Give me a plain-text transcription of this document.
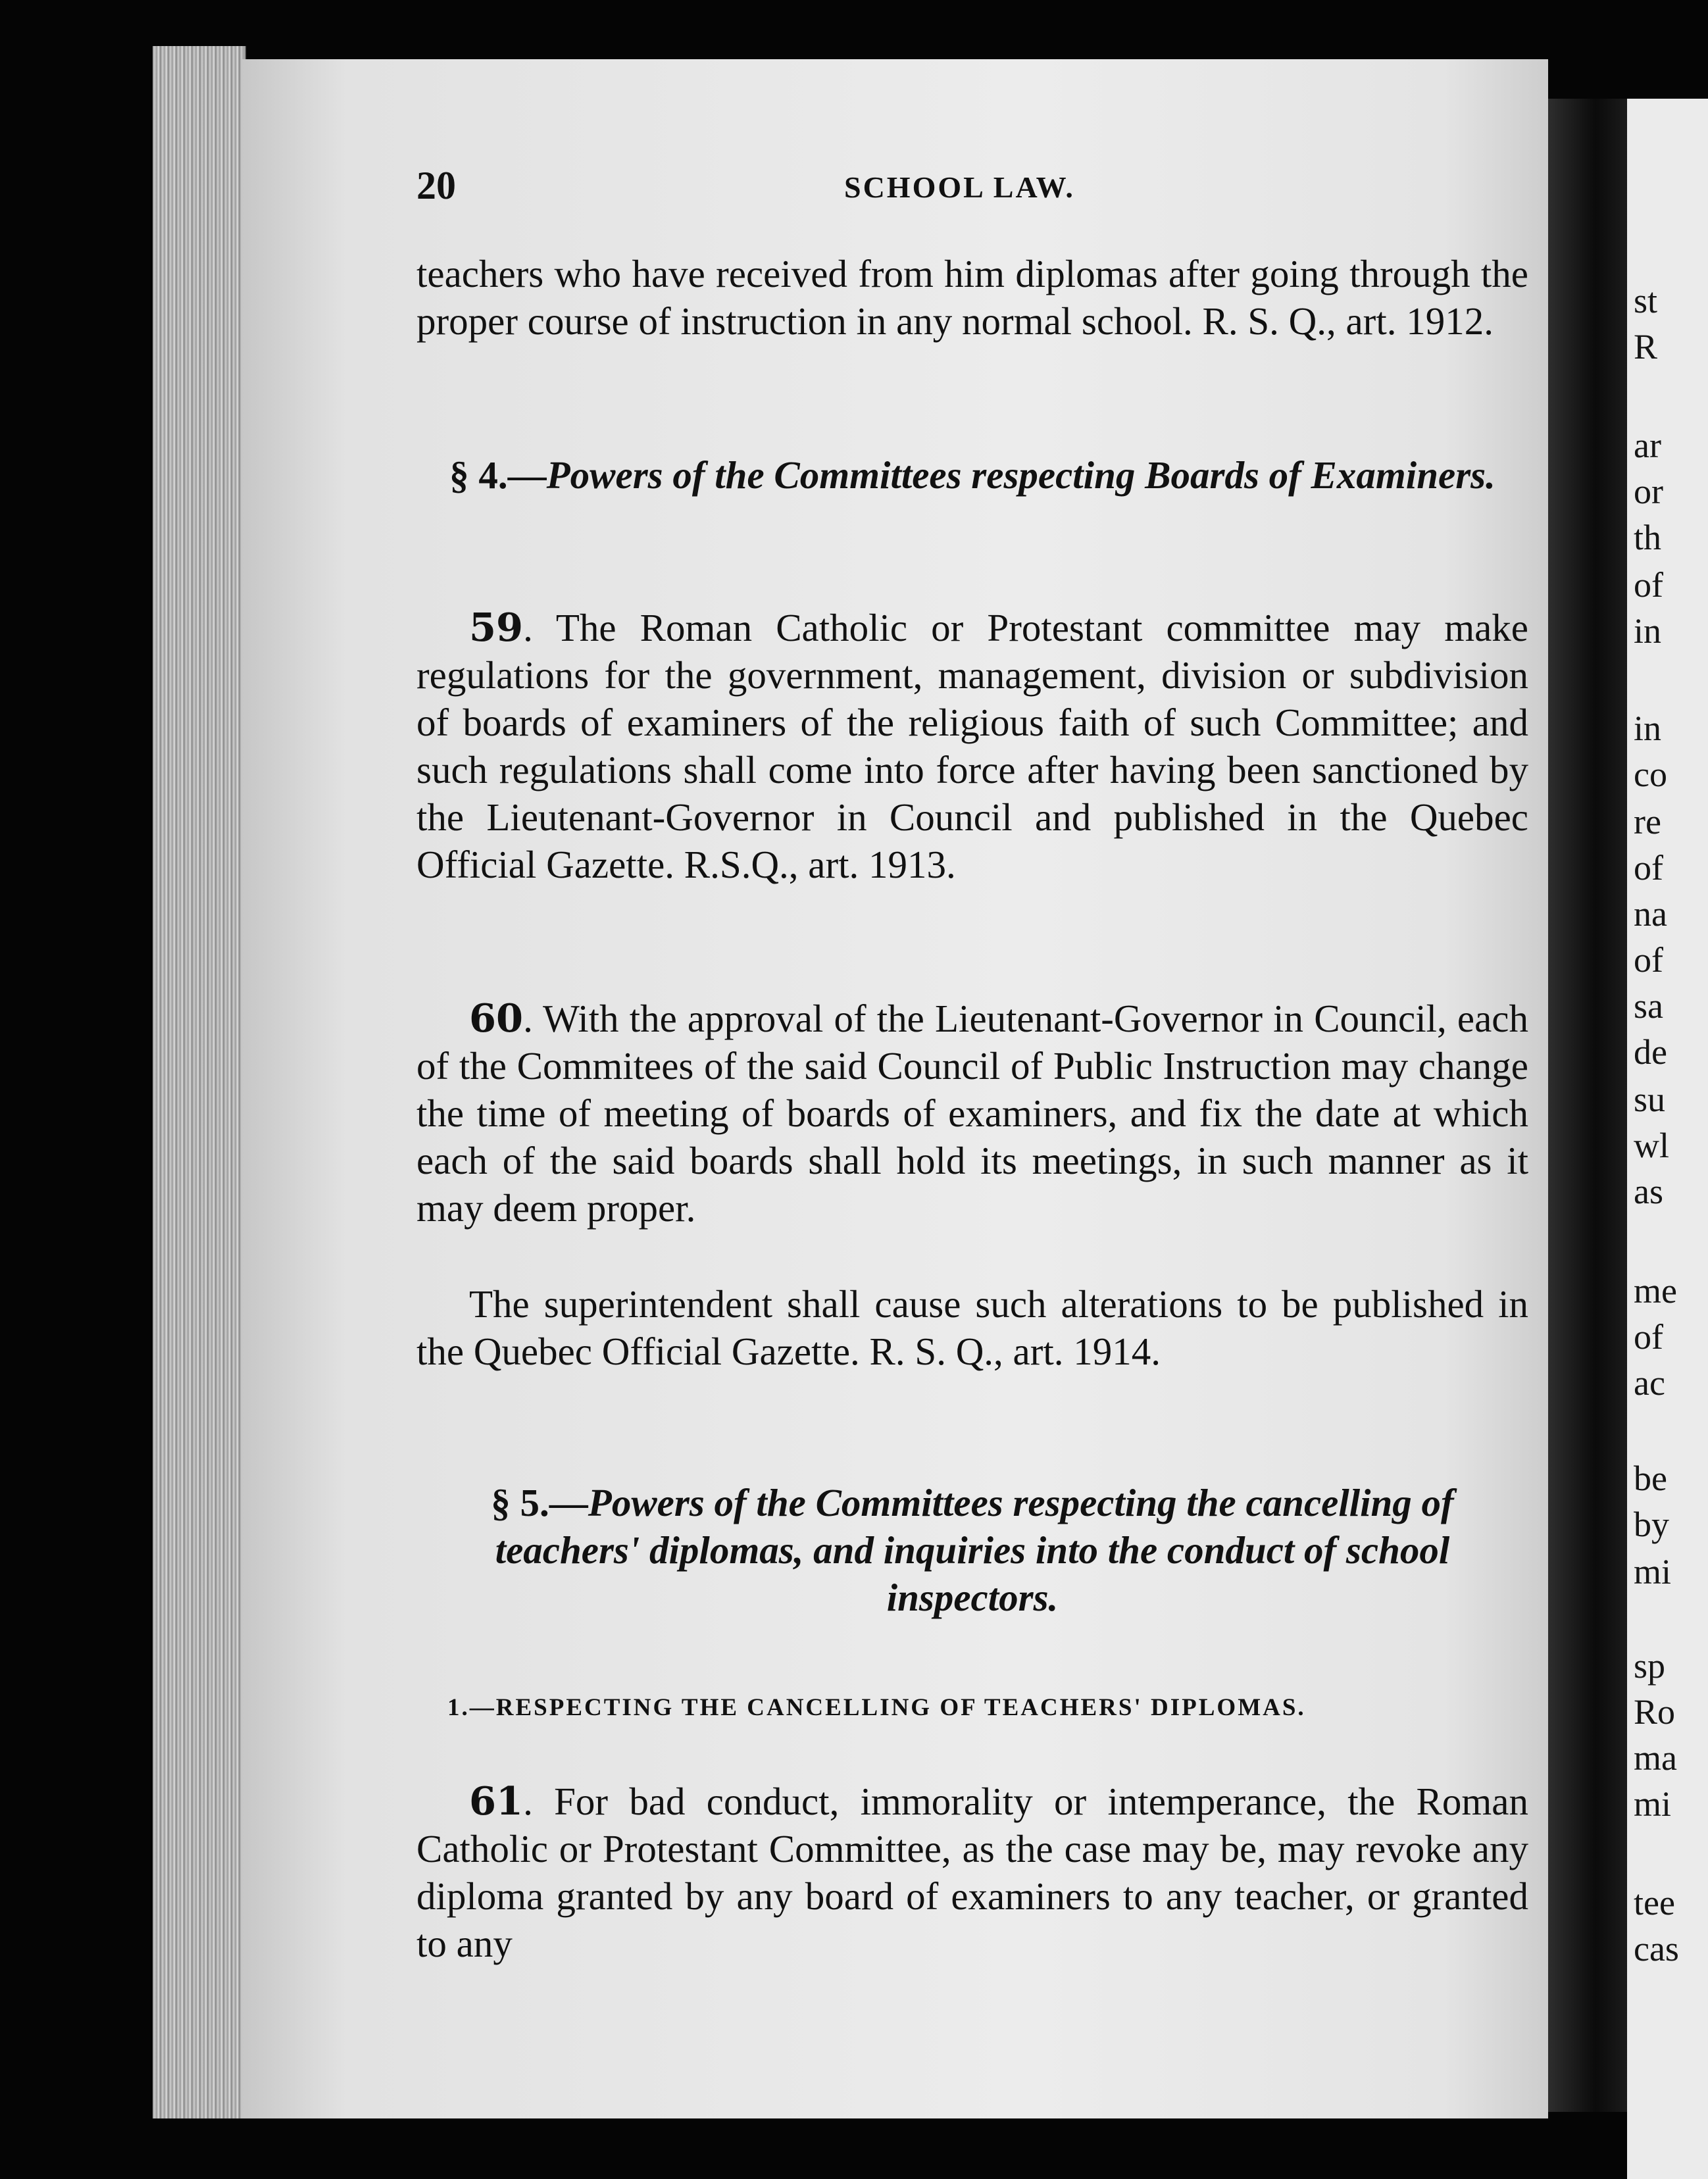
st
R
ar
or
th
of
in
in
co
re
of
na
of
sa
de
su
wl
as
me
of
ac
be
by
mi
sp
Ro
ma
mi
tee
cas
20	SCHOOL LAW.

teachers who have received from him diplomas after going through the proper course of instruction in any normal school. R. S. Q., art. 1912.

§ 4.—Powers of the Committees respecting Boards of Examiners.

59. The Roman Catholic or Protestant committee may make regulations for the government, management, division or subdivision of boards of examiners of the religious faith of such Committee; and such regulations shall come into force after having been sanctioned by the Lieutenant-Governor in Council and published in the Quebec Official Gazette. R.S.Q., art. 1913.

60. With the approval of the Lieutenant-Governor in Council, each of the Commitees of the said Council of Public Instruction may change the time of meeting of boards of examiners, and fix the date at which each of the said boards shall hold its meetings, in such manner as it may deem proper.

The superintendent shall cause such alterations to be published in the Quebec Official Gazette. R. S. Q., art. 1914.

§ 5.—Powers of the Committees respecting the cancelling of teachers' diplomas, and inquiries into the conduct of school inspectors.

1.—RESPECTING THE CANCELLING OF TEACHERS' DIPLOMAS.

61. For bad conduct, immorality or intemperance, the Roman Catholic or Protestant Committee, as the case may be, may revoke any diploma granted by any board of examiners to any teacher, or granted to any
